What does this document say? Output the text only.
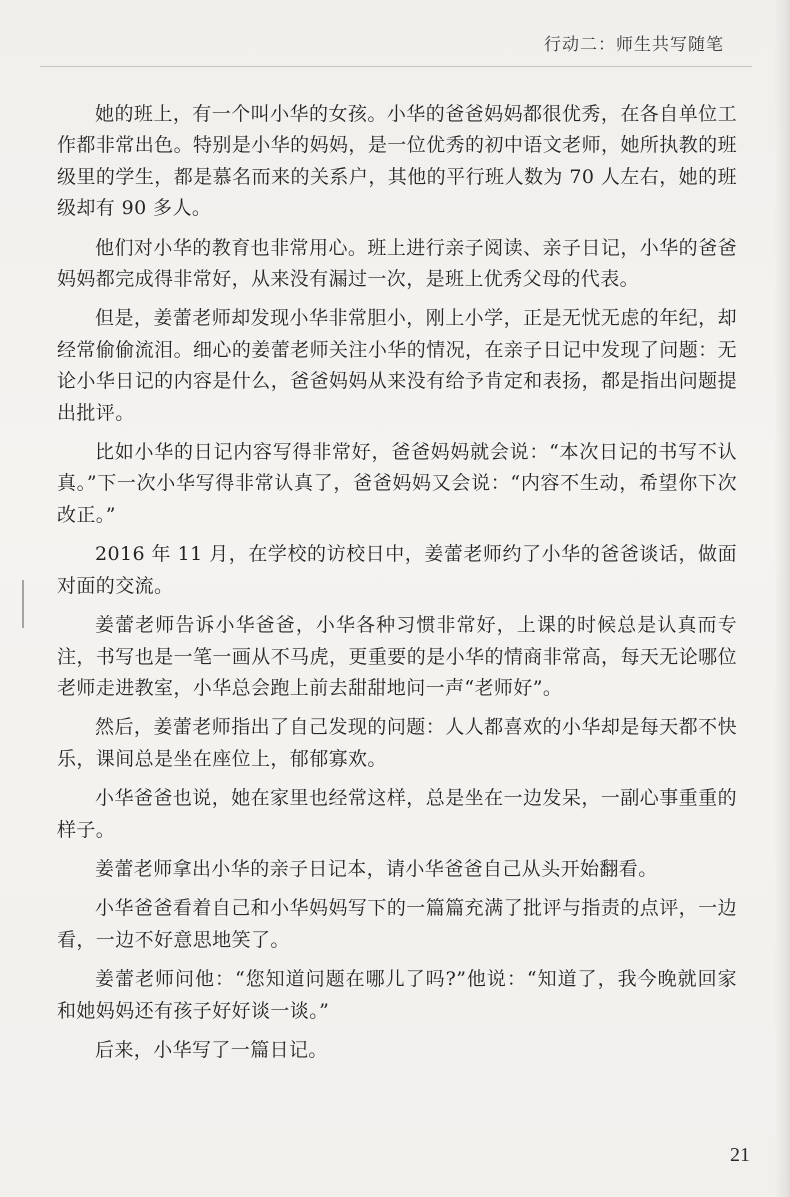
行动二：师生共写随笔

她的班上，有一个叫小华的女孩。小华的爸爸妈妈都很优秀，在各自单位工作都非常出色。特别是小华的妈妈，是一位优秀的初中语文老师，她所执教的班级里的学生，都是慕名而来的关系户，其他的平行班人数为 70 人左右，她的班级却有 90 多人。

他们对小华的教育也非常用心。班上进行亲子阅读、亲子日记，小华的爸爸妈妈都完成得非常好，从来没有漏过一次，是班上优秀父母的代表。

但是，姜蕾老师却发现小华非常胆小，刚上小学，正是无忧无虑的年纪，却经常偷偷流泪。细心的姜蕾老师关注小华的情况，在亲子日记中发现了问题：无论小华日记的内容是什么，爸爸妈妈从来没有给予肯定和表扬，都是指出问题提出批评。

比如小华的日记内容写得非常好，爸爸妈妈就会说：“本次日记的书写不认真。”下一次小华写得非常认真了，爸爸妈妈又会说：“内容不生动，希望你下次改正。”

2016 年 11 月，在学校的访校日中，姜蕾老师约了小华的爸爸谈话，做面对面的交流。

姜蕾老师告诉小华爸爸，小华各种习惯非常好，上课的时候总是认真而专注，书写也是一笔一画从不马虎，更重要的是小华的情商非常高，每天无论哪位老师走进教室，小华总会跑上前去甜甜地问一声“老师好”。

然后，姜蕾老师指出了自己发现的问题：人人都喜欢的小华却是每天都不快乐，课间总是坐在座位上，郁郁寡欢。

小华爸爸也说，她在家里也经常这样，总是坐在一边发呆，一副心事重重的样子。

姜蕾老师拿出小华的亲子日记本，请小华爸爸自己从头开始翻看。

小华爸爸看着自己和小华妈妈写下的一篇篇充满了批评与指责的点评，一边看，一边不好意思地笑了。

姜蕾老师问他：“您知道问题在哪儿了吗?”他说：“知道了，我今晚就回家和她妈妈还有孩子好好谈一谈。”

后来，小华写了一篇日记。

21
